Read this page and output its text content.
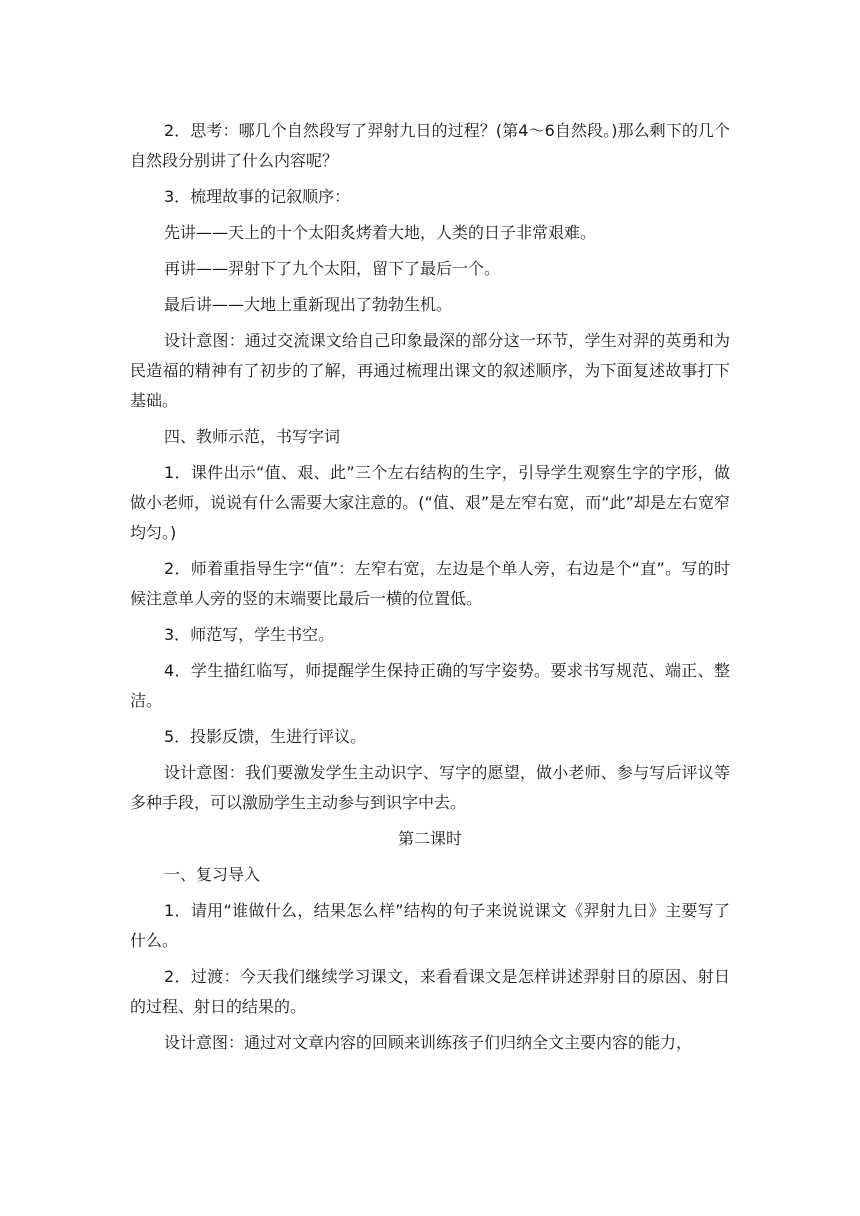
2．思考：哪几个自然段写了羿射九日的过程？(第4～6自然段。)那么剩下的几个自然段分别讲了什么内容呢？

3．梳理故事的记叙顺序：

先讲——天上的十个太阳炙烤着大地，人类的日子非常艰难。

再讲——羿射下了九个太阳，留下了最后一个。

最后讲——大地上重新现出了勃勃生机。

设计意图：通过交流课文给自己印象最深的部分这一环节，学生对羿的英勇和为民造福的精神有了初步的了解，再通过梳理出课文的叙述顺序，为下面复述故事打下基础。

四、教师示范，书写字词

1．课件出示“值、艰、此”三个左右结构的生字，引导学生观察生字的字形，做做小老师，说说有什么需要大家注意的。(“值、艰”是左窄右宽，而“此”却是左右宽窄均匀。)

2．师着重指导生字“值”：左窄右宽，左边是个单人旁，右边是个“直”。写的时候注意单人旁的竖的末端要比最后一横的位置低。

3．师范写，学生书空。

4．学生描红临写，师提醒学生保持正确的写字姿势。要求书写规范、端正、整洁。

5．投影反馈，生进行评议。

设计意图：我们要激发学生主动识字、写字的愿望，做小老师、参与写后评议等多种手段，可以激励学生主动参与到识字中去。

第二课时

一、复习导入

1．请用“谁做什么，结果怎么样”结构的句子来说说课文《羿射九日》主要写了什么。

2．过渡：今天我们继续学习课文，来看看课文是怎样讲述羿射日的原因、射日的过程、射日的结果的。

设计意图：通过对文章内容的回顾来训练孩子们归纳全文主要内容的能力，
